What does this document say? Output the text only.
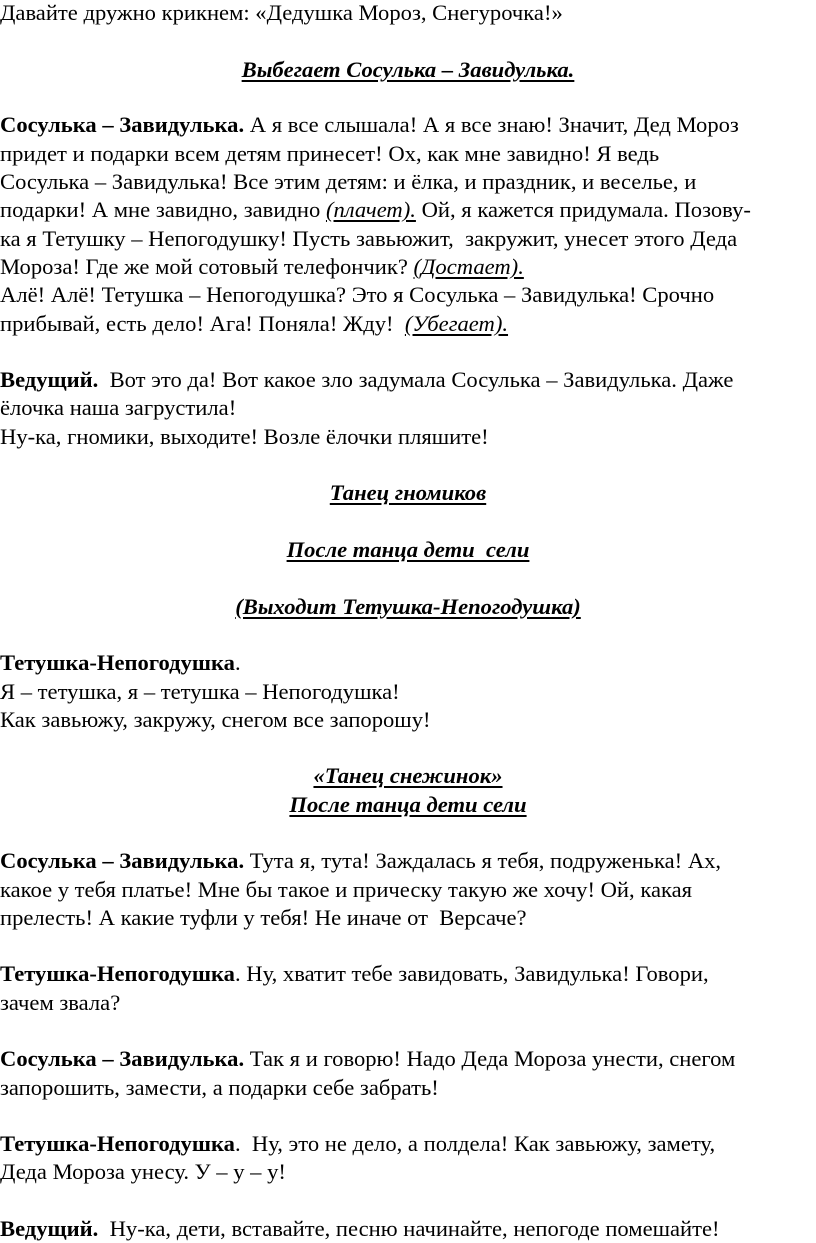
Давайте дружно крикнем: «Дедушка Мороз, Снегурочка!»
Выбегает Сосулька – Завидулька.
Сосулька – Завидулька. А я все слышала! А я все знаю! Значит, Дед Мороз
придет и подарки всем детям принесет! Ох, как мне завидно! Я ведь
Сосулька – Завидулька! Все этим детям: и ёлка, и праздник, и веселье, и
подарки! А мне завидно, завидно (плачет). Ой, я кажется придумала. Позову-
ка я Тетушку – Непогодушку! Пусть завьюжит,  закружит, унесет этого Деда
Мороза! Где же мой сотовый телефончик? (Достает).
Алё! Алё! Тетушка – Непогодушка? Это я Сосулька – Завидулька! Срочно
прибывай, есть дело! Ага! Поняла! Жду!  (Убегает).
Ведущий.  Вот это да! Вот какое зло задумала Сосулька – Завидулька. Даже
ёлочка наша загрустила!
Ну-ка, гномики, выходите! Возле ёлочки пляшите!
Танец гномиков
После танца дети  сели
(Выходит Тетушка-Непогодушка)
Тетушка-Непогодушка.
Я – тетушка, я – тетушка – Непогодушка!
Как завьюжу, закружу, снегом все запорошу!
«Танец снежинок»
После танца дети сели
Сосулька – Завидулька. Тута я, тута! Заждалась я тебя, подруженька! Ах,
какое у тебя платье! Мне бы такое и прическу такую же хочу! Ой, какая
прелесть! А какие туфли у тебя! Не иначе от  Версаче?
Тетушка-Непогодушка. Ну, хватит тебе завидовать, Завидулька! Говори,
зачем звала?
Сосулька – Завидулька. Так я и говорю! Надо Деда Мороза унести, снегом
запорошить, замести, а подарки себе забрать!
Тетушка-Непогодушка.  Ну, это не дело, а полдела! Как завьюжу, замету,
Деда Мороза унесу. У – у – у!
Ведущий.  Ну-ка, дети, вставайте, песню начинайте, непогоде помешайте!
